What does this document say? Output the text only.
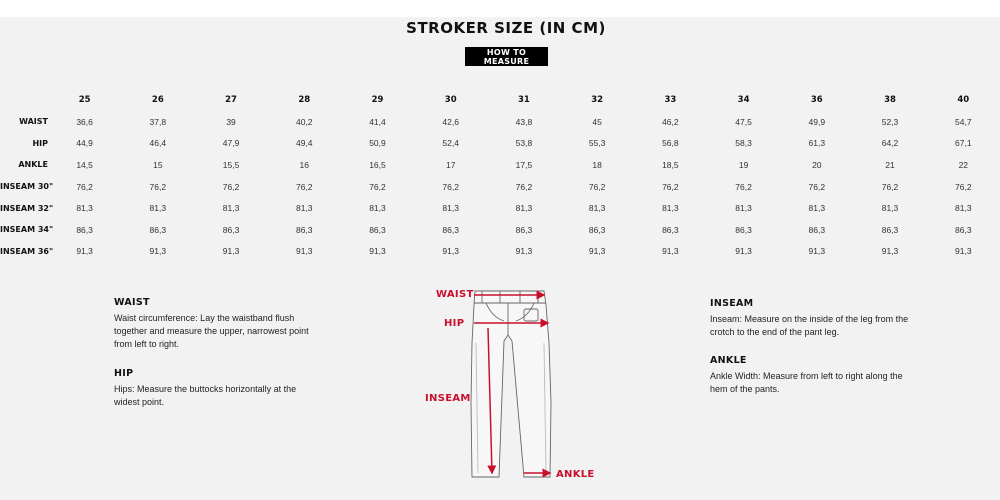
STROKER SIZE (IN CM)
HOW TO MEASURE
	25	26	27	28	29	30	31	32	33	34	36	38	40
WAIST	36,6	37,8	39	40,2	41,4	42,6	43,8	45	46,2	47,5	49,9	52,3	54,7
HIP	44,9	46,4	47,9	49,4	50,9	52,4	53,8	55,3	56,8	58,3	61,3	64,2	67,1
ANKLE	14,5	15	15,5	16	16,5	17	17,5	18	18,5	19	20	21	22
INSEAM 30"	76,2	76,2	76,2	76,2	76,2	76,2	76,2	76,2	76,2	76,2	76,2	76,2	76,2
INSEAM 32"	81,3	81,3	81,3	81,3	81,3	81,3	81,3	81,3	81,3	81,3	81,3	81,3	81,3
INSEAM 34"	86,3	86,3	86,3	86,3	86,3	86,3	86,3	86,3	86,3	86,3	86,3	86,3	86,3
INSEAM 36"	91,3	91,3	91,3	91,3	91,3	91,3	91,3	91,3	91,3	91,3	91,3	91,3	91,3
WAIST

Waist circumference: Lay the waistband flush together and measure the upper, narrowest point from left to right.

HIP

Hips: Measure the buttocks horizontally at the widest point.

INSEAM

Inseam: Measure on the inside of the leg from the crotch to the end of the pant leg.

ANKLE

Ankle Width: Measure from left to right along the hem of the pants.

WAIST
HIP
INSEAM
ANKLE
